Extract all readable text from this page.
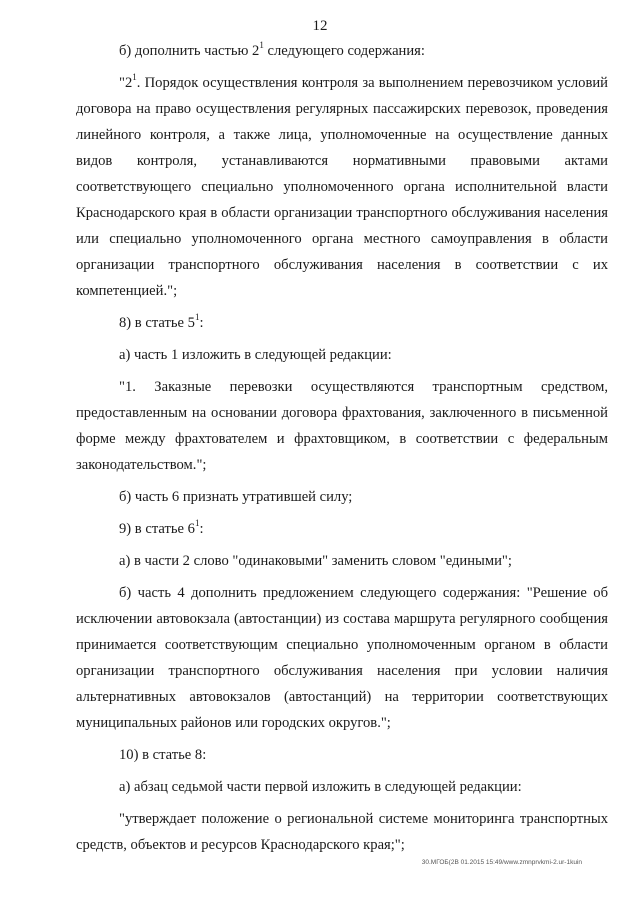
12

б) дополнить частью $2^1$ следующего содержания:

"$2^1$. Порядок осуществления контроля за выполнением перевозчиком условий договора на право осуществления регулярных пассажирских перевозок, проведения линейного контроля, а также лица, уполномоченные на осуществление данных видов контроля, устанавливаются нормативными правовыми актами соответствующего специально уполномоченного органа исполнительной власти Краснодарского края в области организации транспортного обслуживания населения или специально уполномоченного органа местного самоуправления в области организации транспортного обслуживания населения в соответствии с их компетенцией.";

8) в статье $5^1$:

а) часть 1 изложить в следующей редакции:

"1. Заказные перевозки осуществляются транспортным средством, предоставленным на основании договора фрахтования, заключенного в письменной форме между фрахтователем и фрахтовщиком, в соответствии с федеральным законодательством.";

б) часть 6 признать утратившей силу;

9) в статье $6^1$:

а) в части 2 слово "одинаковыми" заменить словом "едиными";

б) часть 4 дополнить предложением следующего содержания: "Решение об исключении автовокзала (автостанции) из состава маршрута регулярного сообщения принимается соответствующим специально уполномоченным органом в области организации транспортного обслуживания населения при условии наличия альтернативных автовокзалов (автостанций) на территории соответствующих муниципальных районов или городских округов.";

10) в статье 8:

а) абзац седьмой части первой изложить в следующей редакции:

"утверждает положение о региональной системе мониторинга транспортных средств, объектов и ресурсов Краснодарского края;";

30.МГОБ(2В 01.2015 15:49/www.zmnprvkmi-2.ur-1kuin
